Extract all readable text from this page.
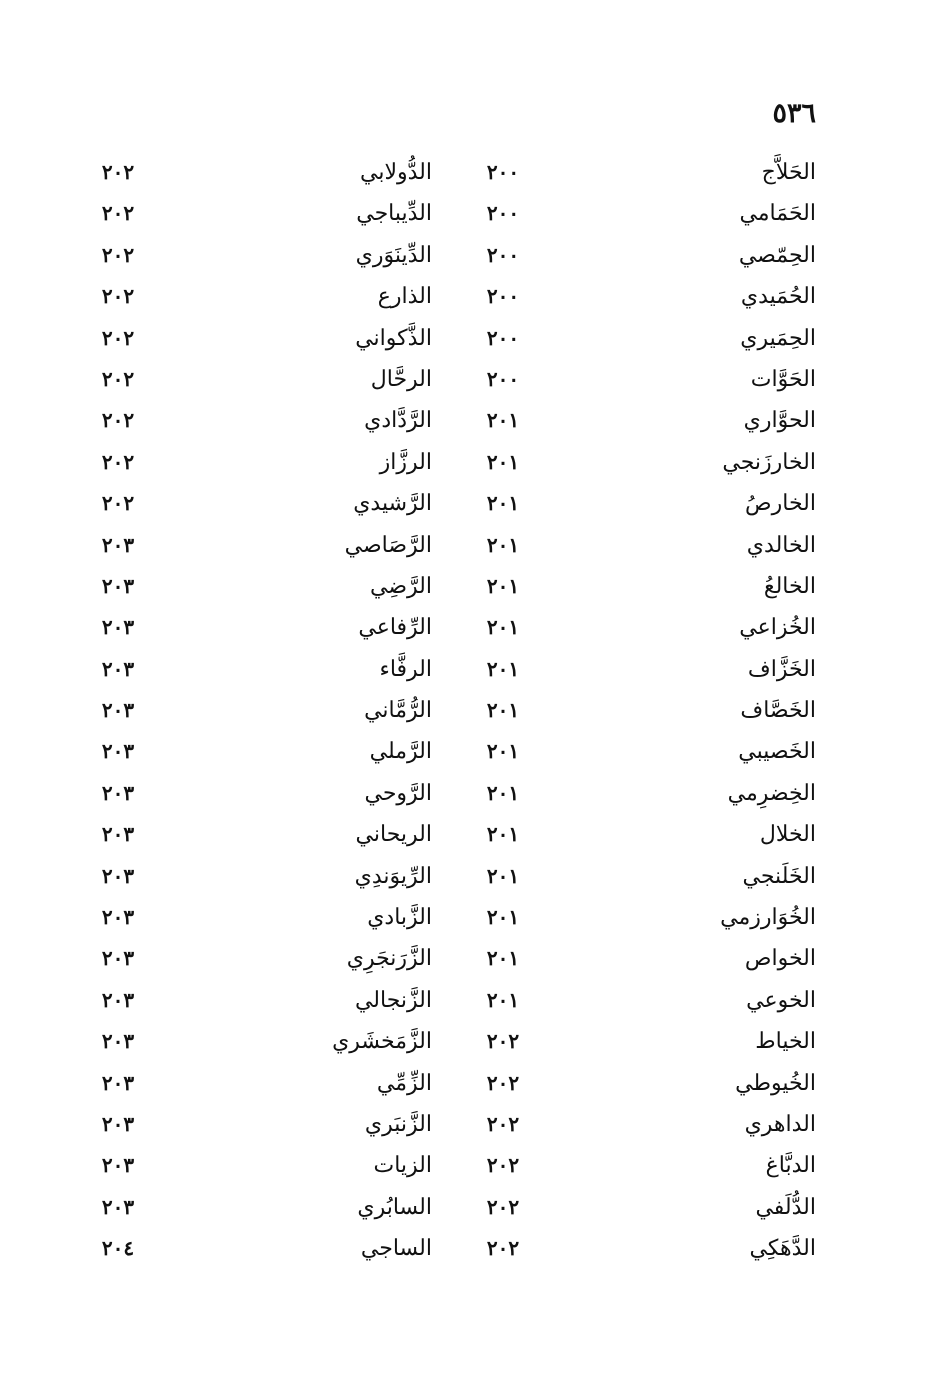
٥٣٦
الحَلاَّج
٢٠٠
الدُّولابي
٢٠٢
الحَمَامي
٢٠٠
الدِّيباجي
٢٠٢
الحِمّصي
٢٠٠
الدِّينَوَري
٢٠٢
الحُمَيدي
٢٠٠
الذارع
٢٠٢
الحِمَيري
٢٠٠
الذَّكواني
٢٠٢
الحَوَّات
٢٠٠
الرحَّال
٢٠٢
الحوَّاري
٢٠١
الرَّدَّادي
٢٠٢
الخارزَنجي
٢٠١
الرزَّاز
٢٠٢
الخارصُ
٢٠١
الرَّشيدي
٢٠٢
الخالدي
٢٠١
الرَّصَاصي
٢٠٣
الخالعُ
٢٠١
الرَّضِي
٢٠٣
الخُزاعي
٢٠١
الرِّفاعي
٢٠٣
الخَزَّاف
٢٠١
الرفَّاء
٢٠٣
الخَصَّاف
٢٠١
الرُّمَّاني
٢٠٣
الخَصيبي
٢٠١
الرَّملي
٢٠٣
الخِضرِمي
٢٠١
الرَّوحي
٢٠٣
الخلال
٢٠١
الريحاني
٢٠٣
الخَلَنجي
٢٠١
الرِّيوَندِي
٢٠٣
الخُوَارزمي
٢٠١
الزَّبادي
٢٠٣
الخواص
٢٠١
الزَّرَنجَرِي
٢٠٣
الخوعي
٢٠١
الزَّنجالي
٢٠٣
الخياط
٢٠٢
الزَّمَخشَري
٢٠٣
الخُيوطي
٢٠٢
الزِّمِّي
٢٠٣
الداهري
٢٠٢
الزَّنبَري
٢٠٣
الدبَّاغ
٢٠٢
الزيات
٢٠٣
الدُّلَفي
٢٠٢
السابُري
٢٠٣
الدَّهَكِي
٢٠٢
الساجي
٢٠٤
